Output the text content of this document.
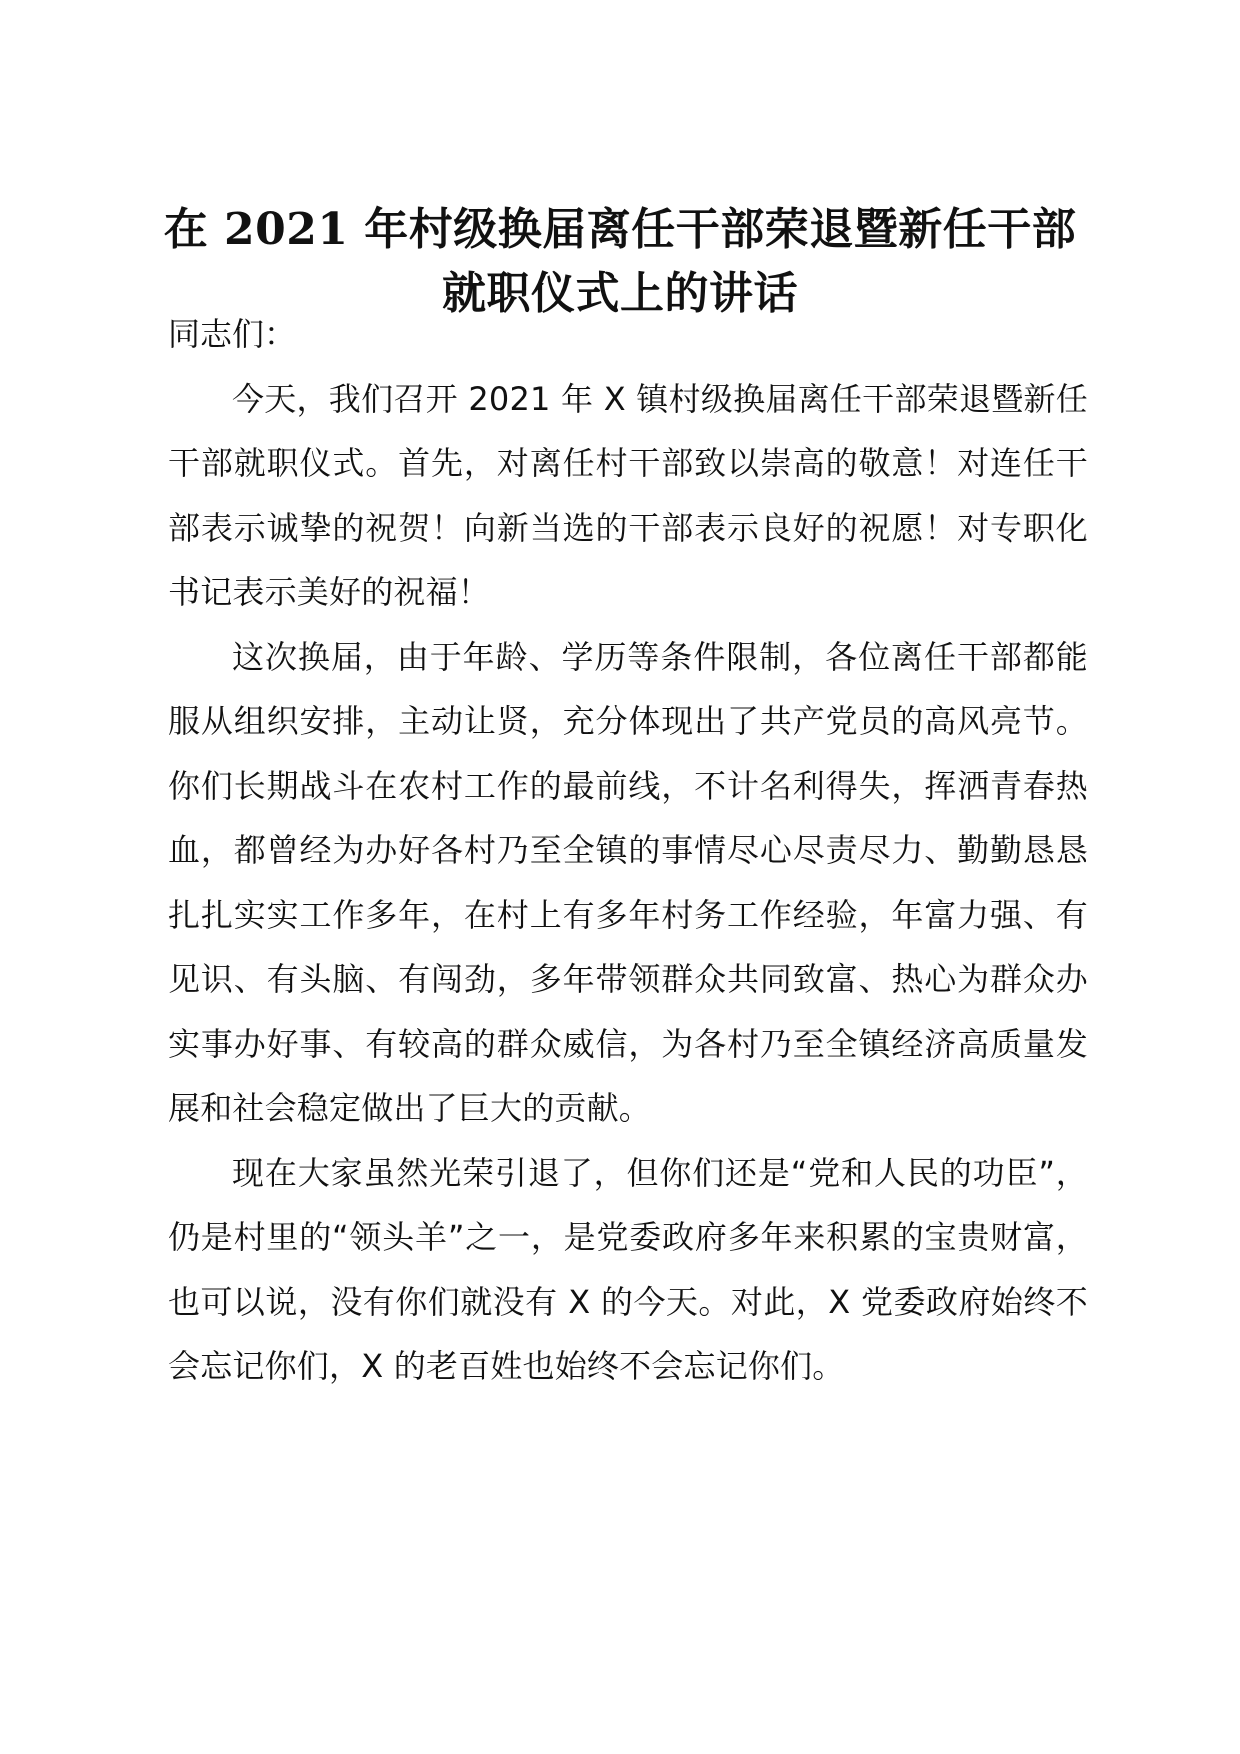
在 2021 年村级换届离任干部荣退暨新任干部
就职仪式上的讲话

同志们：

今天，我们召开 2021 年 X 镇村级换届离任干部荣退暨新任干部就职仪式。首先，对离任村干部致以崇高的敬意！对连任干部表示诚挚的祝贺！向新当选的干部表示良好的祝愿！对专职化书记表示美好的祝福！

这次换届，由于年龄、学历等条件限制，各位离任干部都能服从组织安排，主动让贤，充分体现出了共产党员的高风亮节。你们长期战斗在农村工作的最前线，不计名利得失，挥洒青春热血，都曾经为办好各村乃至全镇的事情尽心尽责尽力、勤勤恳恳扎扎实实工作多年，在村上有多年村务工作经验，年富力强、有见识、有头脑、有闯劲，多年带领群众共同致富、热心为群众办实事办好事、有较高的群众威信，为各村乃至全镇经济高质量发展和社会稳定做出了巨大的贡献。

现在大家虽然光荣引退了，但你们还是“党和人民的功臣”，仍是村里的“领头羊”之一，是党委政府多年来积累的宝贵财富，也可以说，没有你们就没有 X 的今天。对此，X 党委政府始终不会忘记你们，X 的老百姓也始终不会忘记你们。
